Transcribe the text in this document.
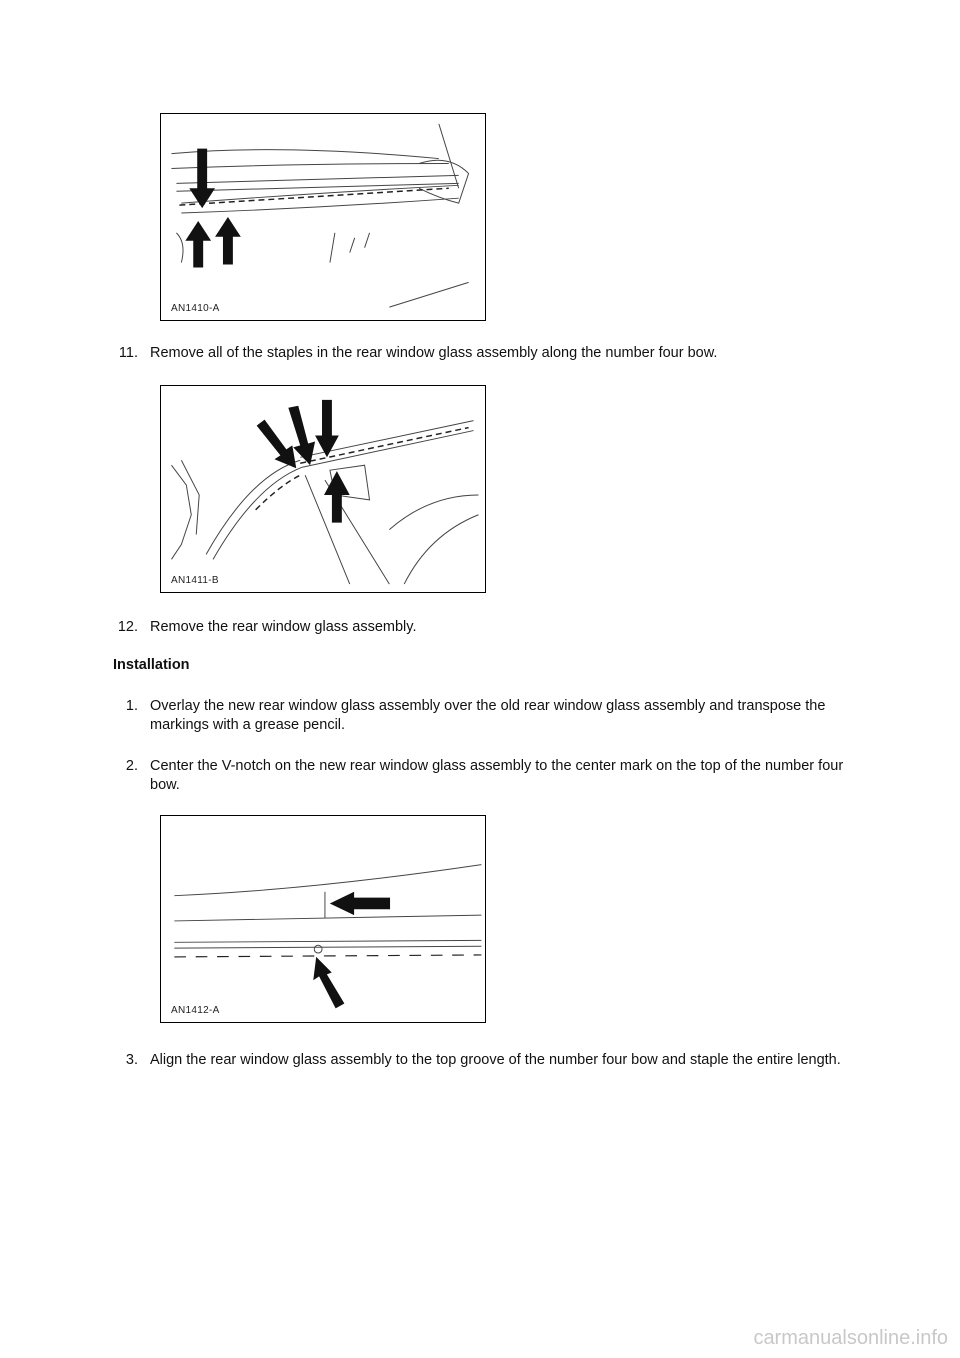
AN1410-A
11. Remove all of the staples in the rear window glass assembly along the number four bow.
AN1411-B
12. Remove the rear window glass assembly.
Installation
1. Overlay the new rear window glass assembly over the old rear window glass assembly and transpose the markings with a grease pencil.
2. Center the V-notch on the new rear window glass assembly to the center mark on the top of the number four bow.
AN1412-A
3. Align the rear window glass assembly to the top groove of the number four bow and staple the entire length.
carmanualsonline.info
